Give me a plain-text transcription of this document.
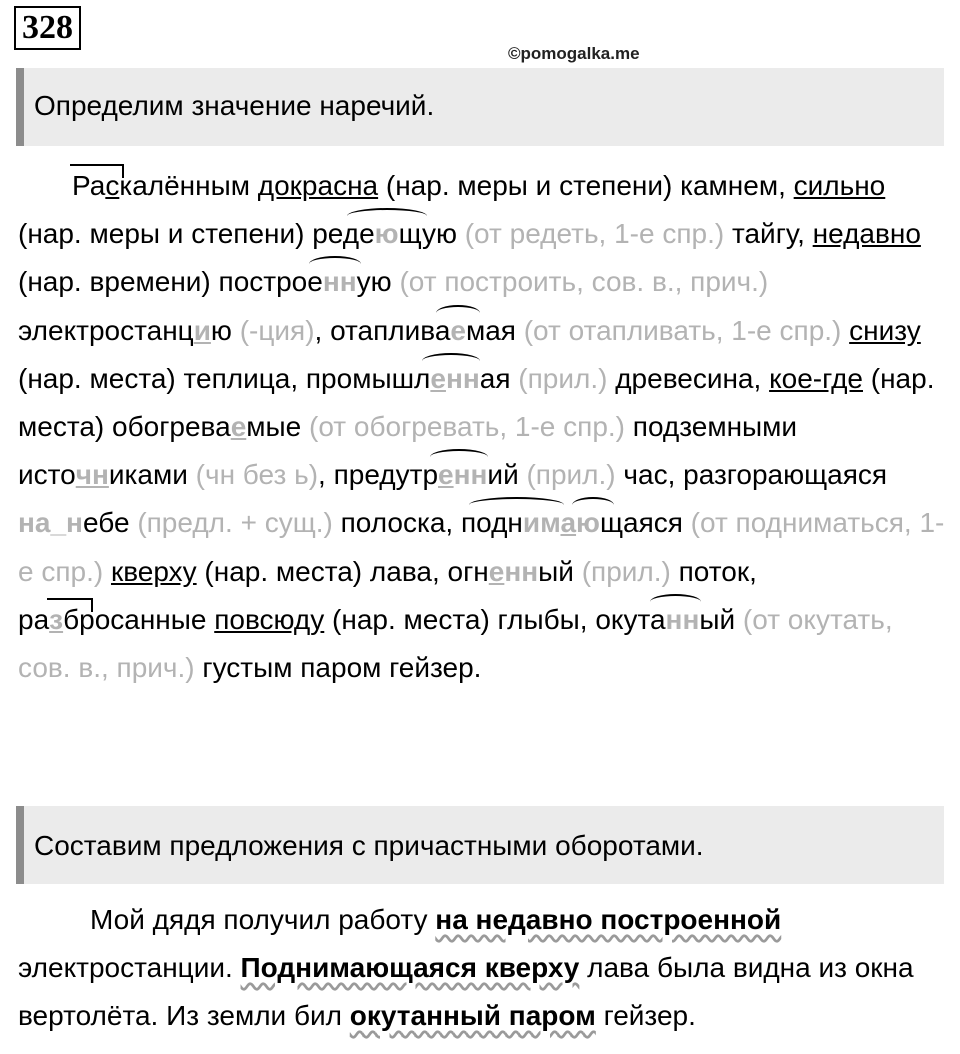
328
©pomogalka.me
Определим значение наречий.
Рас
калённым докрасна (нар. меры и степени) камнем, сильно (нар. меры и степени) реде
ющую (от редеть, 1-е спр.) тайгу, недавно (нар. времени) построе
нную (от построить, сов. в., прич.) электростанцию (-ция), отаплива
емая (от отапливать, 1-е спр.) снизу (нар. места) теплица, промышл
енная (прил.) древесина, кое-где (нар. места) обогреваемые (от обогревать, 1-е спр.) подземными источниками (чн без ь), предутр
енний (прил.) час, разгорающаяся на_небе (предл. + сущ.) полоска, подн
има
ющаяся (от подниматься, 1-е спр.) кверху (нар. места) лава, огненный (прил.) поток, ра
збросанные повсюду (нар. места) глыбы, окута
нный (от окутать, сов. в., прич.) густым паром гейзер.
Составим предложения с причастными оборотами.
Мой дядя получил работу на недавно построенной электростанции. Поднимающаяся кверху лава была видна из окна вертолёта. Из земли бил окутанный паром гейзер.
